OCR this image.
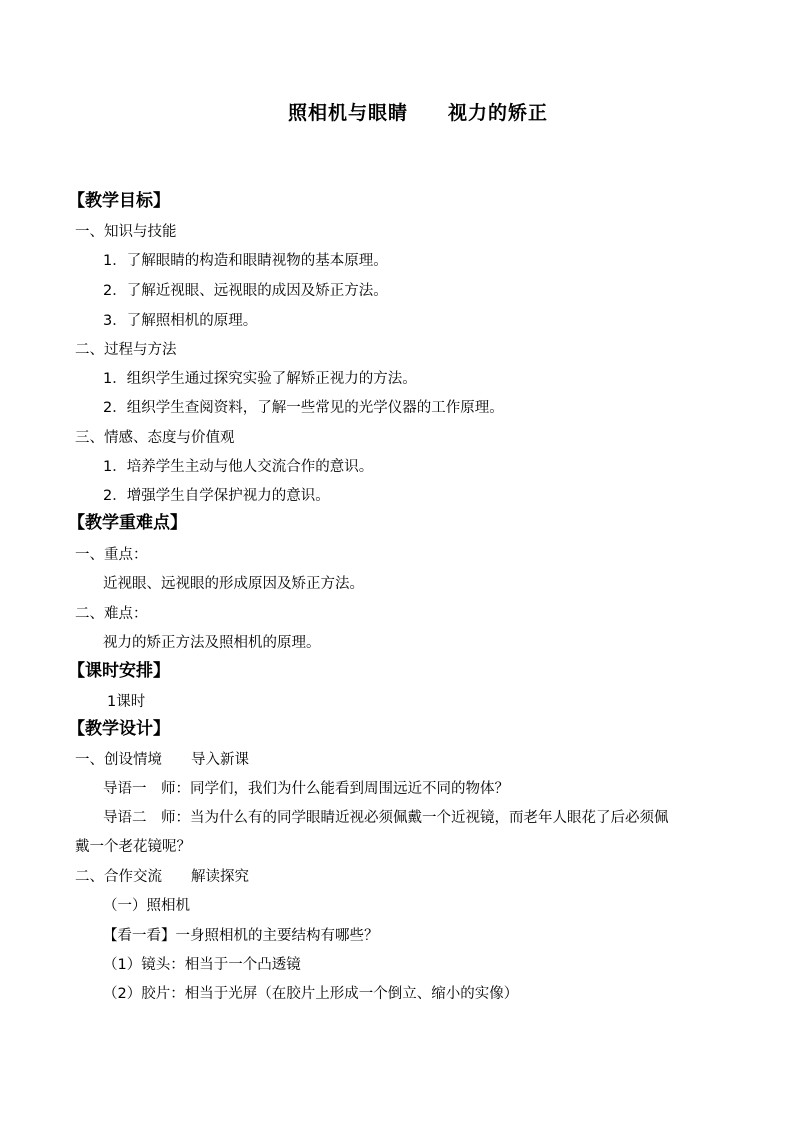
照相机与眼睛　　视力的矫正
【教学目标】
一、知识与技能
1．了解眼睛的构造和眼睛视物的基本原理。
2．了解近视眼、远视眼的成因及矫正方法。
3．了解照相机的原理。
二、过程与方法
1．组织学生通过探究实验了解矫正视力的方法。
2．组织学生查阅资料，了解一些常见的光学仪器的工作原理。
三、情感、态度与价值观
1．培养学生主动与他人交流合作的意识。
2．增强学生自学保护视力的意识。
【教学重难点】
一、重点：
近视眼、远视眼的形成原因及矫正方法。
二、难点：
视力的矫正方法及照相机的原理。
【课时安排】
1课时
【教学设计】
一、创设情境　　导入新课
导语一　师：同学们，我们为什么能看到周围远近不同的物体？
导语二　师：当为什么有的同学眼睛近视必须佩戴一个近视镜，而老年人眼花了后必须佩
戴一个老花镜呢？
二、合作交流　　解读探究
（一）照相机
【看一看】一身照相机的主要结构有哪些？
（1）镜头：相当于一个凸透镜
（2）胶片：相当于光屏（在胶片上形成一个倒立、缩小的实像）
